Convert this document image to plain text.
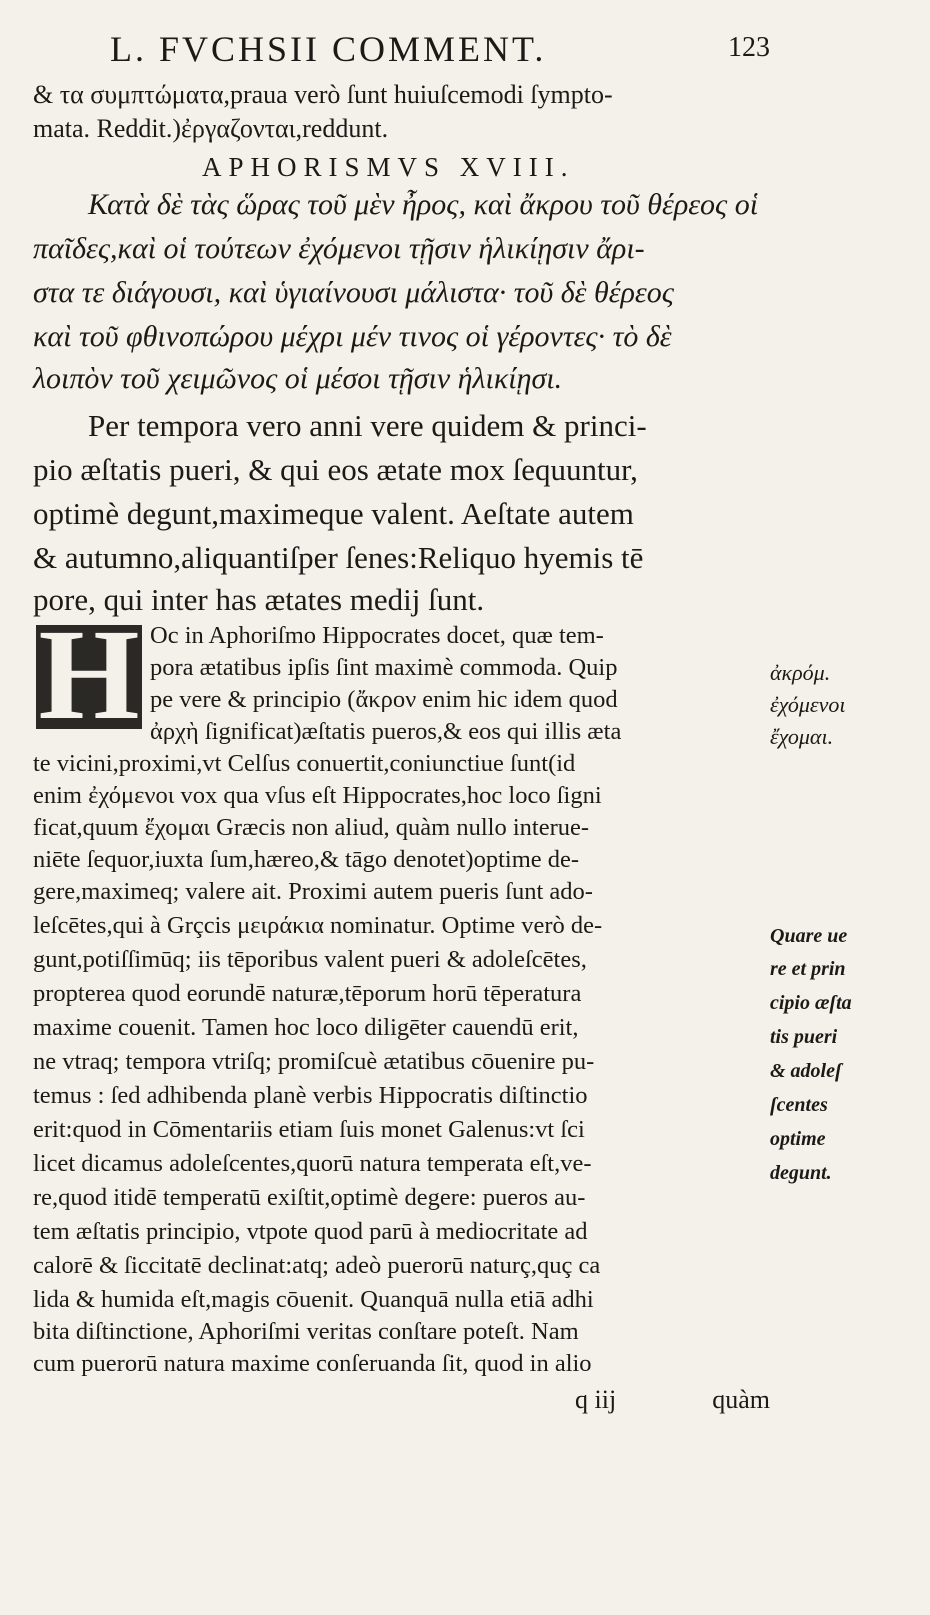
L. FVCHSII COMMENT.	123
& τα συμπτώματα,praua verò ſunt huiuſcemodi ſympto-
mata. Reddit.)ἐργαζονται,reddunt.
APHORISMVS XVIII.
Κατὰ δὲ τὰς ὥρας τοῦ μὲν ἦρος, καὶ ἄκρου τοῦ θέρεος οἱ
παῖδες,καὶ οἱ τούτεων ἐχόμενοι τῇσιν ἡλικίῃσιν ἄρι-
στα τε διάγουσι, καὶ ὑγιαίνουσι μάλιστα· τοῦ δὲ θέρεος
καὶ τοῦ φθινοπώρου μέχρι μέν τινος οἱ γέροντες· τὸ δὲ
λοιπὸν τοῦ χειμῶνος οἱ μέσοι τῇσιν ἡλικίῃσι.
Per tempora vero anni vere quidem & princi-
pio æſtatis pueri, & qui eos ætate mox ſequuntur,
optimè degunt,maximeque valent. Aeſtate autem
& autumno,aliquantiſper ſenes:Reliquo hyemis tē
pore, qui inter has ætates medij ſunt.
H Oc in Aphoriſmo Hippocrates docet, quæ tem-
pora ætatibus ipſis ſint maximè commoda. Quip
pe vere & principio (ἄκρον enim hic idem quod
ἀρχὴ ſignificat)æſtatis pueros,& eos qui illis æta
te vicini,proximi,vt Celſus conuertit,coniunctiue ſunt(id
enim ἐχόμενοι vox qua vſus eſt Hippocrates,hoc loco ſigni
ficat,quum ἔχομαι Græcis non aliud, quàm nullo interue-
niēte ſequor,iuxta ſum,hæreo,& tāgo denotet)optime de-
gere,maximeq; valere ait. Proximi autem pueris ſunt ado-
leſcētes,qui à Grçcis μειράκια nominatur. Optime verò de-
gunt,potiſſimūq; iis tēporibus valent pueri & adoleſcētes,
propterea quod eorundē naturæ,tēporum horū tēperatura
maxime couenit. Tamen hoc loco diligēter cauendū erit,
ne vtraq; tempora vtriſq; promiſcuè ætatibus cōuenire pu-
temus : ſed adhibenda planè verbis Hippocratis diſtinctio
erit:quod in Cōmentariis etiam ſuis monet Galenus:vt ſci
licet dicamus adoleſcentes,quorū natura temperata eſt,ve-
re,quod itidē temperatū exiſtit,optimè degere: pueros au-
tem æſtatis principio, vtpote quod parū à mediocritate ad
calorē & ſiccitatē declinat:atq; adeò puerorū naturç,quç ca
lida & humida eſt,magis cōuenit. Quanquā nulla etiā adhi
bita diſtinctione, Aphoriſmi veritas conſtare poteſt. Nam
cum puerorū natura maxime conſeruanda ſit, quod in alio
ἀκρόμ.
ἐχόμενοι
ἔχομαι.
Quare ue
re et prin
cipio æſta
tis pueri
& adoleſ
ſcentes
optime
degunt.
q iij	quàm
